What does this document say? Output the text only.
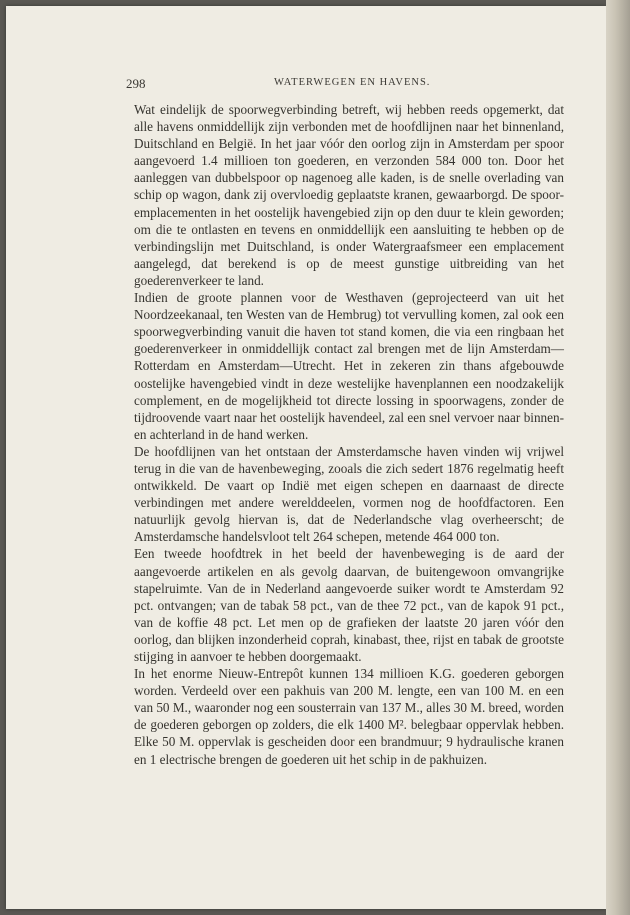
298	WATERWEGEN EN HAVENS.

Wat eindelijk de spoorwegverbinding betreft, wij hebben reeds opgemerkt, dat alle havens onmiddellijk zijn verbonden met de hoofdlijnen naar het binnenland, Duitschland en België. In het jaar vóór den oorlog zijn in Amsterdam per spoor aangevoerd 1.4 millioen ton goederen, en verzonden 584 000 ton. Door het aanleggen van dubbelspoor op nagenoeg alle kaden, is de snelle overlading van schip op wagon, dank zij overvloedig geplaatste kranen, gewaarborgd. De spoor-emplacementen in het oostelijk havengebied zijn op den duur te klein geworden; om die te ontlasten en tevens en onmiddellijk een aansluiting te hebben op de verbindingslijn met Duitschland, is onder Watergraafsmeer een emplacement aangelegd, dat berekend is op de meest gunstige uitbreiding van het goederenverkeer te land.

Indien de groote plannen voor de Westhaven (geprojecteerd van uit het Noordzeekanaal, ten Westen van de Hembrug) tot vervulling komen, zal ook een spoorwegverbinding vanuit die haven tot stand komen, die via een ringbaan het goederenverkeer in onmiddellijk contact zal brengen met de lijn Amsterdam—Rotterdam en Amsterdam—Utrecht. Het in zekeren zin thans afgebouwde oostelijke havengebied vindt in deze westelijke havenplannen een noodzakelijk complement, en de mogelijkheid tot directe lossing in spoorwagens, zonder de tijdroovende vaart naar het oostelijk havendeel, zal een snel vervoer naar binnen- en achterland in de hand werken.

De hoofdlijnen van het ontstaan der Amsterdamsche haven vinden wij vrijwel terug in die van de havenbeweging, zooals die zich sedert 1876 regelmatig heeft ontwikkeld. De vaart op Indië met eigen schepen en daarnaast de directe verbindingen met andere werelddeelen, vormen nog de hoofdfactoren. Een natuurlijk gevolg hiervan is, dat de Nederlandsche vlag overheerscht; de Amsterdamsche handelsvloot telt 264 schepen, metende 464 000 ton.

Een tweede hoofdtrek in het beeld der havenbeweging is de aard der aangevoerde artikelen en als gevolg daarvan, de buitengewoon omvangrijke stapelruimte. Van de in Nederland aangevoerde suiker wordt te Amsterdam 92 pct. ontvangen; van de tabak 58 pct., van de thee 72 pct., van de kapok 91 pct., van de koffie 48 pct. Let men op de grafieken der laatste 20 jaren vóór den oorlog, dan blijken inzonderheid coprah, kinabast, thee, rijst en tabak de grootste stijging in aanvoer te hebben doorgemaakt.

In het enorme Nieuw-Entrepôt kunnen 134 millioen K.G. goederen geborgen worden. Verdeeld over een pakhuis van 200 M. lengte, een van 100 M. en een van 50 M., waaronder nog een sousterrain van 137 M., alles 30 M. breed, worden de goederen geborgen op zolders, die elk 1400 M². belegbaar oppervlak hebben. Elke 50 M. oppervlak is gescheiden door een brandmuur; 9 hydraulische kranen en 1 electrische brengen de goederen uit het schip in de pakhuizen.
